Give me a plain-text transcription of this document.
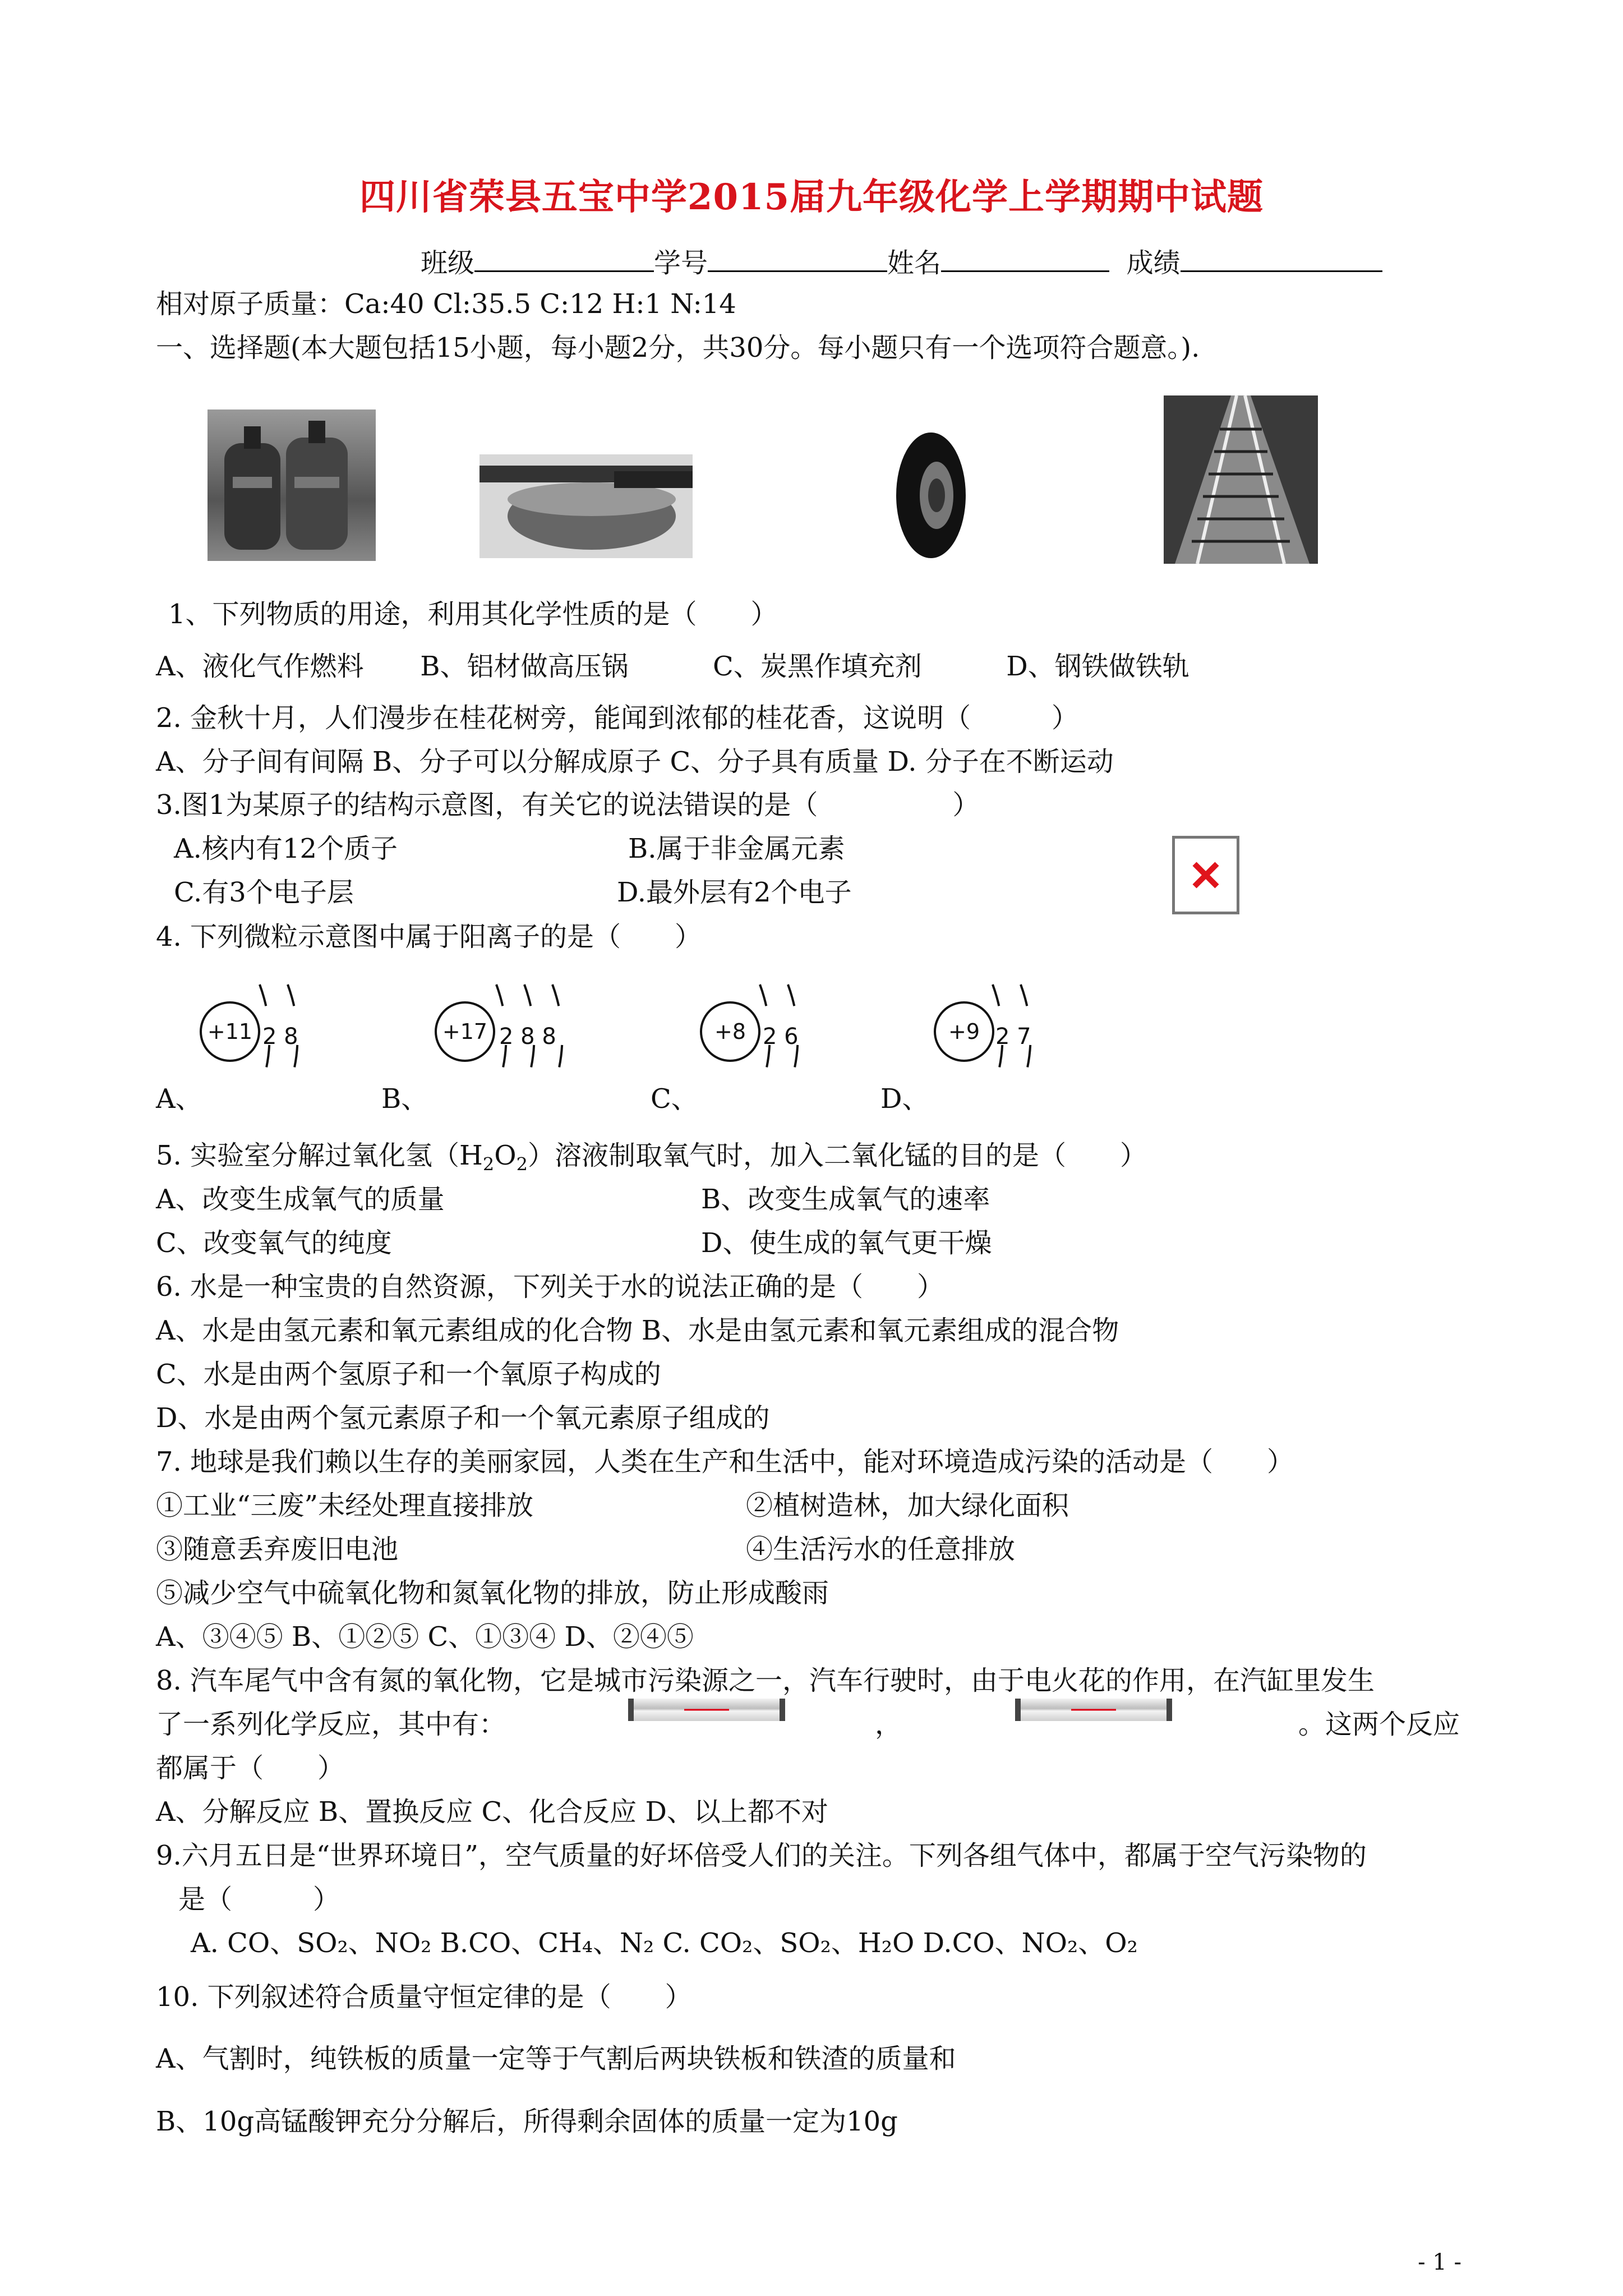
四川省荣县五宝中学2015届九年级化学上学期期中试题
班级	学号	姓名	成绩
相对原子质量：Ca:40 Cl:35.5 C:12 H:1 N:14
一、选择题(本大题包括15小题，每小题2分，共30分。每小题只有一个选项符合题意。).
1、下列物质的用途，利用其化学性质的是（　　）
A、液化气作燃料 B、铝材做高压锅	C、炭黑作填充剂	D、钢铁做铁轨
2. 金秋十月，人们漫步在桂花树旁，能闻到浓郁的桂花香，这说明（　　　）
A、分子间有间隔 B、分子可以分解成原子 C、分子具有质量 D. 分子在不断运动
3.图1为某原子的结构示意图，有关它的说法错误的是（　　　　　）
A.核内有12个质子	B.属于非金属元素
C.有3个电子层	D.最外层有2个电子
4. 下列微粒示意图中属于阳离子的是（　　）
A、
+11 2 8
B、
+17 2 8 8
C、
+8 2 6
D、
+9 2 7
5. 实验室分解过氧化氢$(H_2O_2)$溶液制取氧气时，加入二氧化锰的目的是（　　）
A、改变生成氧气的质量	B、改变生成氧气的速率
C、改变氧气的纯度	D、使生成的氧气更干燥
6. 水是一种宝贵的自然资源，下列关于水的说法正确的是（　　）
A、水是由氢元素和氧元素组成的化合物 B、水是由氢元素和氧元素组成的混合物
C、水是由两个氢原子和一个氧原子构成的
D、水是由两个氢元素原子和一个氧元素原子组成的
7. 地球是我们赖以生存的美丽家园，人类在生产和生活中，能对环境造成污染的活动是（　　）
①工业“三废”未经处理直接排放	②植树造林，加大绿化面积
③随意丢弃废旧电池	④生活污水的任意排放
⑤减少空气中硫氧化物和氮氧化物的排放，防止形成酸雨
A、③④⑤ B、①②⑤ C、①③④ D、②④⑤
8. 汽车尾气中含有氮的氧化物，它是城市污染源之一，汽车行驶时，由于电火花的作用，在汽缸里发生
了一系列化学反应，其中有：	，	。这两个反应
都属于（　　）
A、分解反应 B、置换反应 C、化合反应 D、以上都不对
9.六月五日是“世界环境日”，空气质量的好坏倍受人们的关注。下列各组气体中，都属于空气污染物的
是（　　　）
A. CO、SO₂、NO₂ B.CO、CH₄、N₂ C. CO₂、SO₂、H₂O D.CO、NO₂、O₂
10. 下列叙述符合质量守恒定律的是（　　）
A、气割时，纯铁板的质量一定等于气割后两块铁板和铁渣的质量和
B、10g高锰酸钾充分分解后，所得剩余固体的质量一定为10g
- 1 -
